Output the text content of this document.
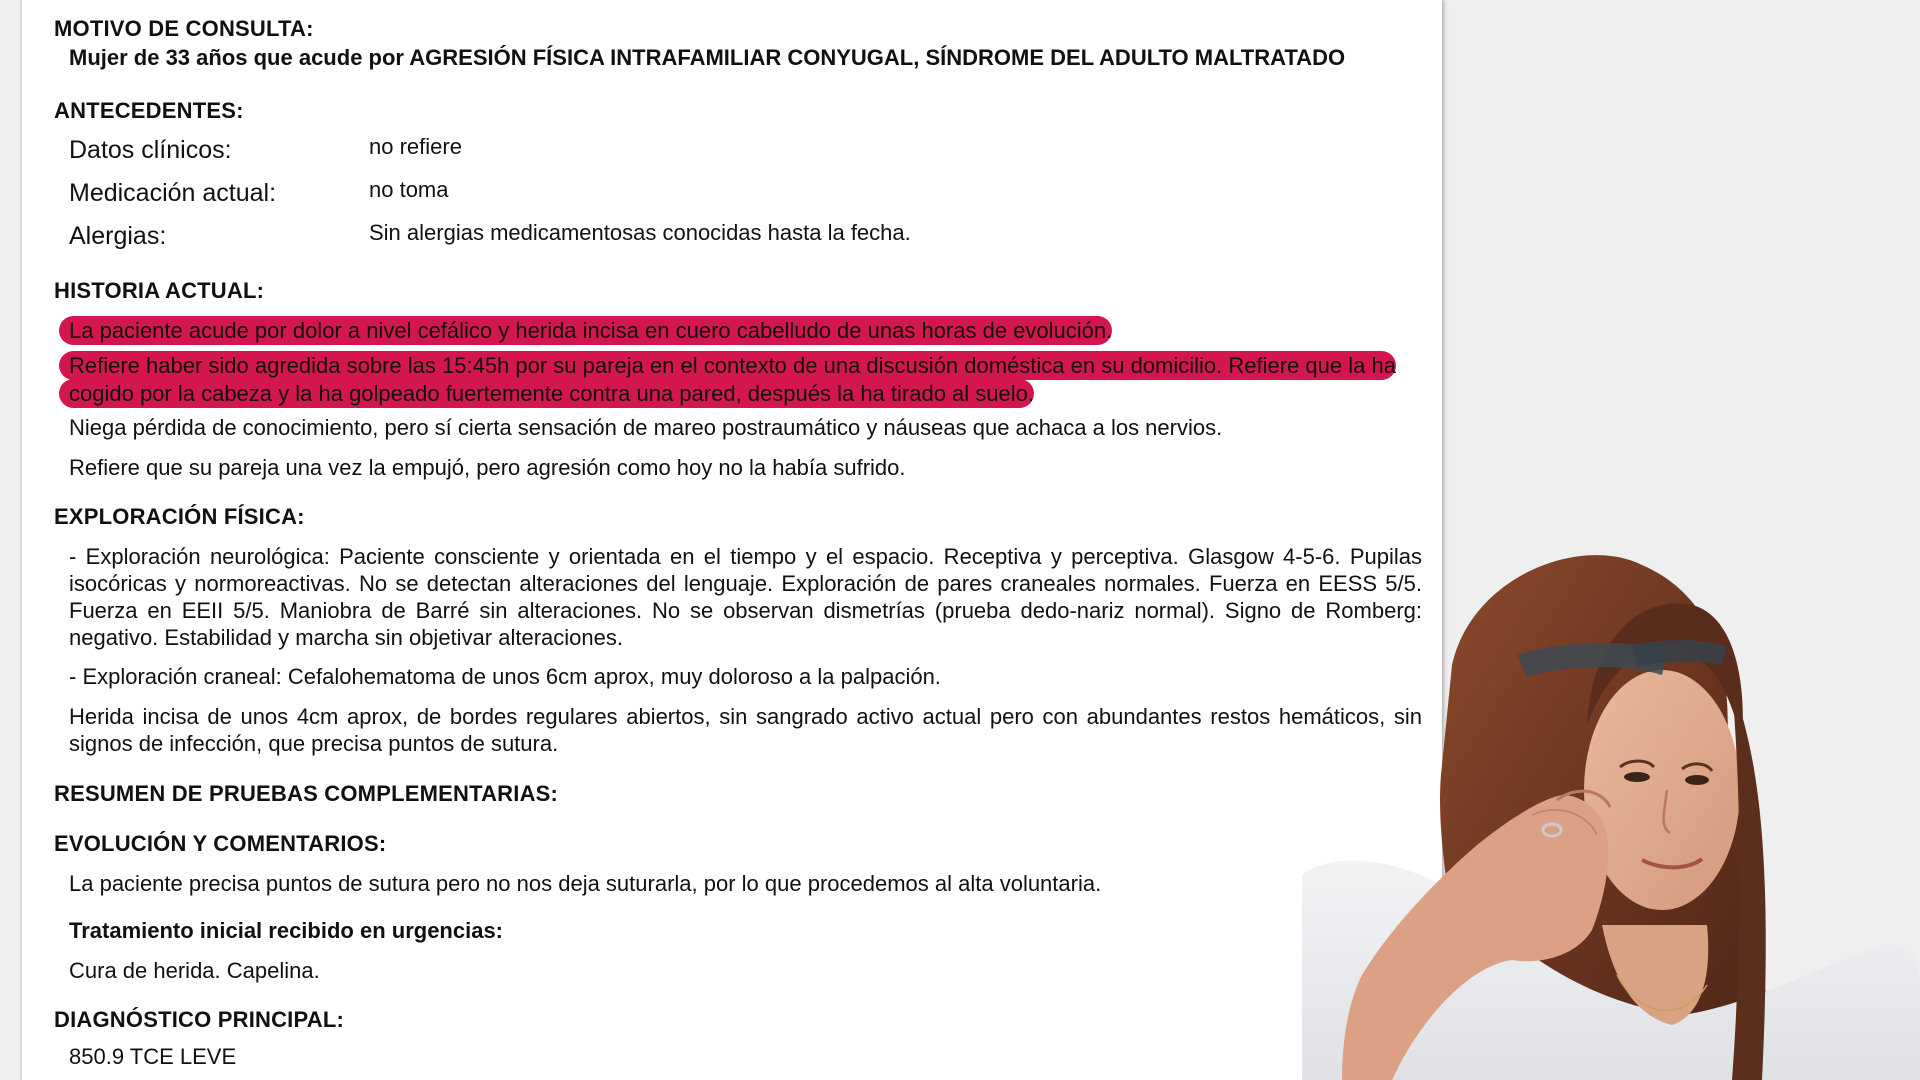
MOTIVO DE CONSULTA:
Mujer de 33 años que acude por AGRESIÓN FÍSICA INTRAFAMILIAR CONYUGAL, SÍNDROME DEL ADULTO MALTRATADO
ANTECEDENTES:
Datos clínicos:	no refiere
Medicación actual:	no toma
Alergias:	Sin alergias medicamentosas conocidas hasta la fecha.
HISTORIA ACTUAL:
La paciente acude por dolor a nivel cefálico y herida incisa en cuero cabelludo de unas horas de evolución.
Refiere haber sido agredida sobre las 15:45h por su pareja en el contexto de una discusión doméstica en su domicilio. Refiere que la ha cogido por la cabeza y la ha golpeado fuertemente contra una pared, después la ha tirado al suelo.
Niega pérdida de conocimiento, pero sí cierta sensación de mareo postraumático y náuseas que achaca a los nervios.
Refiere que su pareja una vez la empujó, pero agresión como hoy no la había sufrido.
EXPLORACIÓN FÍSICA:
- Exploración neurológica: Paciente consciente y orientada en el tiempo y el espacio. Receptiva y perceptiva. Glasgow 4-5-6. Pupilas isocóricas y normoreactivas. No se detectan alteraciones del lenguaje. Exploración de pares craneales normales. Fuerza en EESS 5/5. Fuerza en EEII 5/5. Maniobra de Barré sin alteraciones. No se observan dismetrías (prueba dedo-nariz normal). Signo de Romberg: negativo. Estabilidad y marcha sin objetivar alteraciones.
- Exploración craneal: Cefalohematoma de unos 6cm aprox, muy doloroso a la palpación.
Herida incisa de unos 4cm aprox, de bordes regulares abiertos, sin sangrado activo actual pero con abundantes restos hemáticos, sin signos de infección, que precisa puntos de sutura.
RESUMEN DE PRUEBAS COMPLEMENTARIAS:
EVOLUCIÓN Y COMENTARIOS:
La paciente precisa puntos de sutura pero no nos deja suturarla, por lo que procedemos al alta voluntaria.
Tratamiento inicial recibido en urgencias:
Cura de herida. Capelina.
DIAGNÓSTICO PRINCIPAL:
850.9 TCE LEVE
